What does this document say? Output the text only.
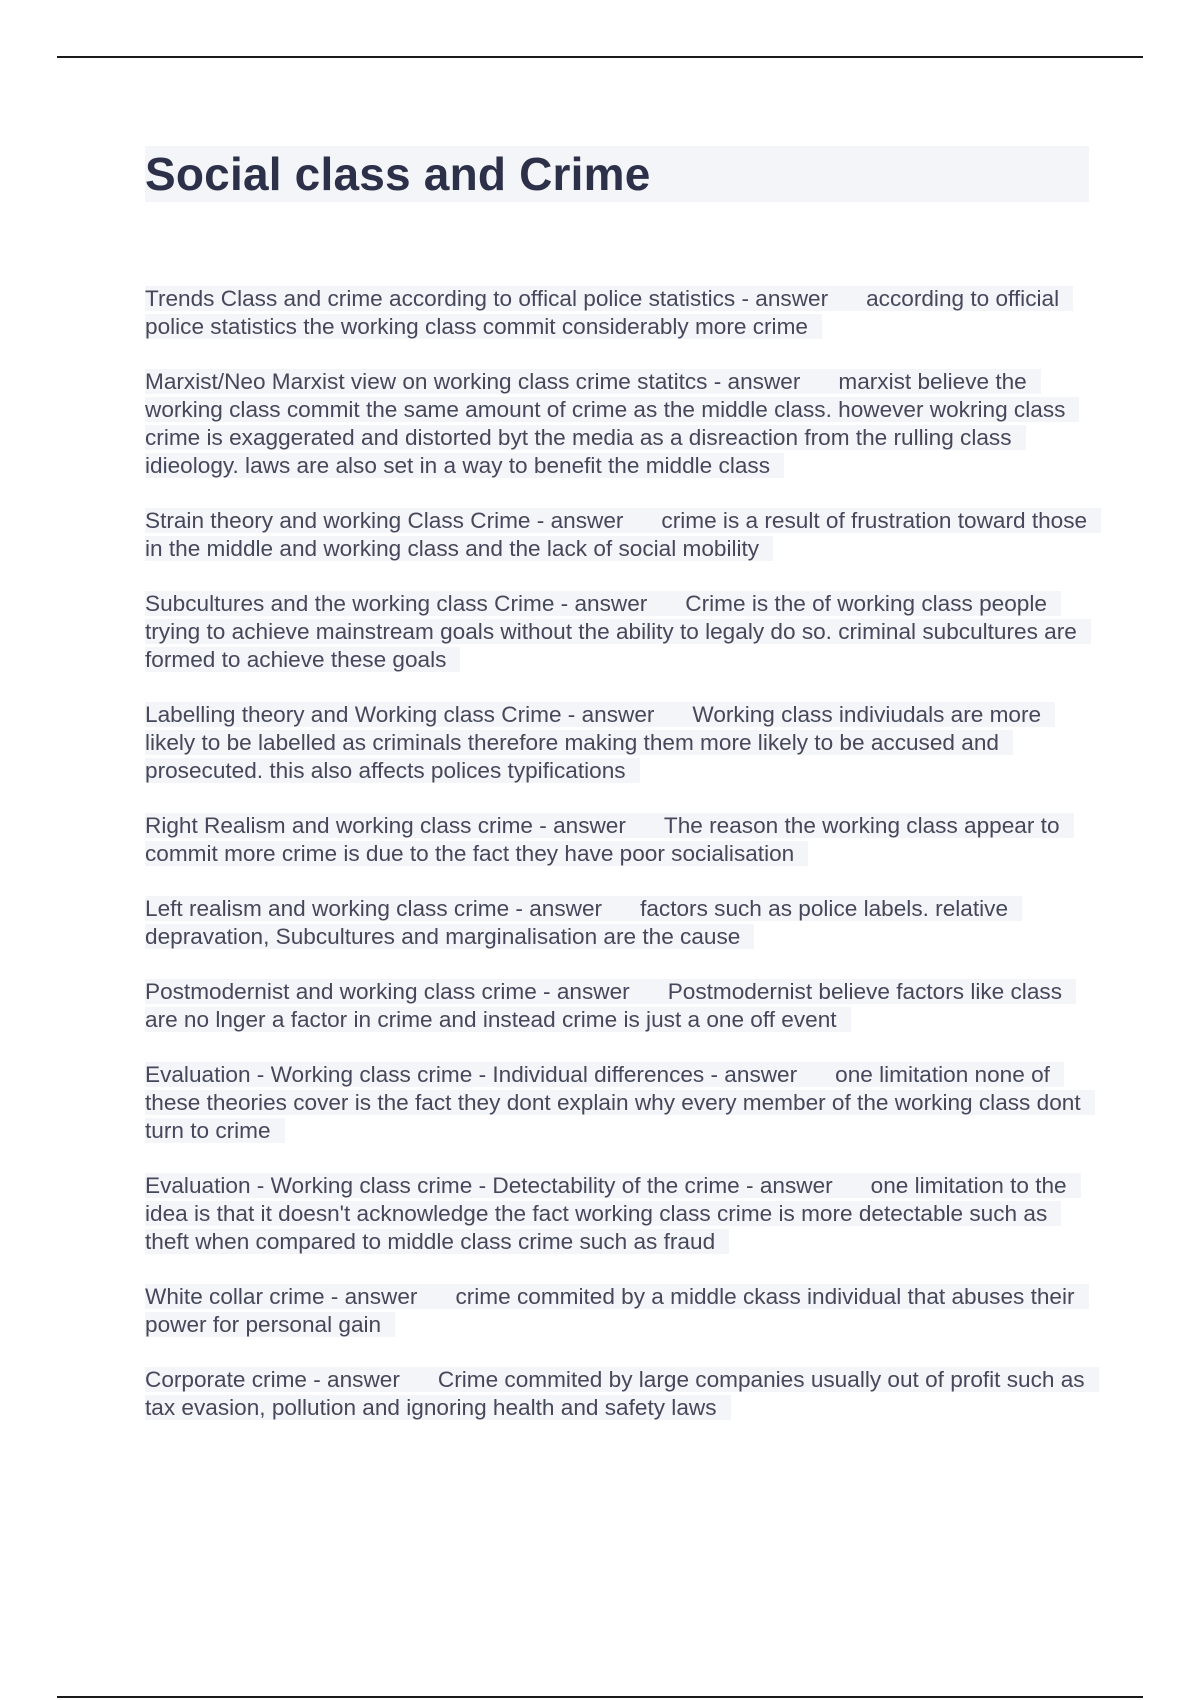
Social class and Crime

Trends Class and crime according to offical police statistics - answer according to official police statistics the working class commit considerably more crime

Marxist/Neo Marxist view on working class crime statitcs - answer marxist believe the working class commit the same amount of crime as the middle class. however wokring class crime is exaggerated and distorted byt the media as a disreaction from the rulling class idieology. laws are also set in a way to benefit the middle class

Strain theory and working Class Crime - answer crime is a result of frustration toward those in the middle and working class and the lack of social mobility

Subcultures and the working class Crime - answer Crime is the of working class people trying to achieve mainstream goals without the ability to legaly do so. criminal subcultures are formed to achieve these goals

Labelling theory and Working class Crime - answer Working class indiviudals are more likely to be labelled as criminals therefore making them more likely to be accused and prosecuted. this also affects polices typifications

Right Realism and working class crime - answer The reason the working class appear to commit more crime is due to the fact they have poor socialisation

Left realism and working class crime - answer factors such as police labels. relative depravation, Subcultures and marginalisation are the cause

Postmodernist and working class crime - answer Postmodernist believe factors like class are no lnger a factor in crime and instead crime is just a one off event

Evaluation - Working class crime - Individual differences - answer one limitation none of these theories cover is the fact they dont explain why every member of the working class dont turn to crime

Evaluation - Working class crime - Detectability of the crime - answer one limitation to the idea is that it doesn't acknowledge the fact working class crime is more detectable such as theft when compared to middle class crime such as fraud

White collar crime - answer crime commited by a middle ckass individual that abuses their power for personal gain

Corporate crime - answer Crime commited by large companies usually out of profit such as tax evasion, pollution and ignoring health and safety laws
